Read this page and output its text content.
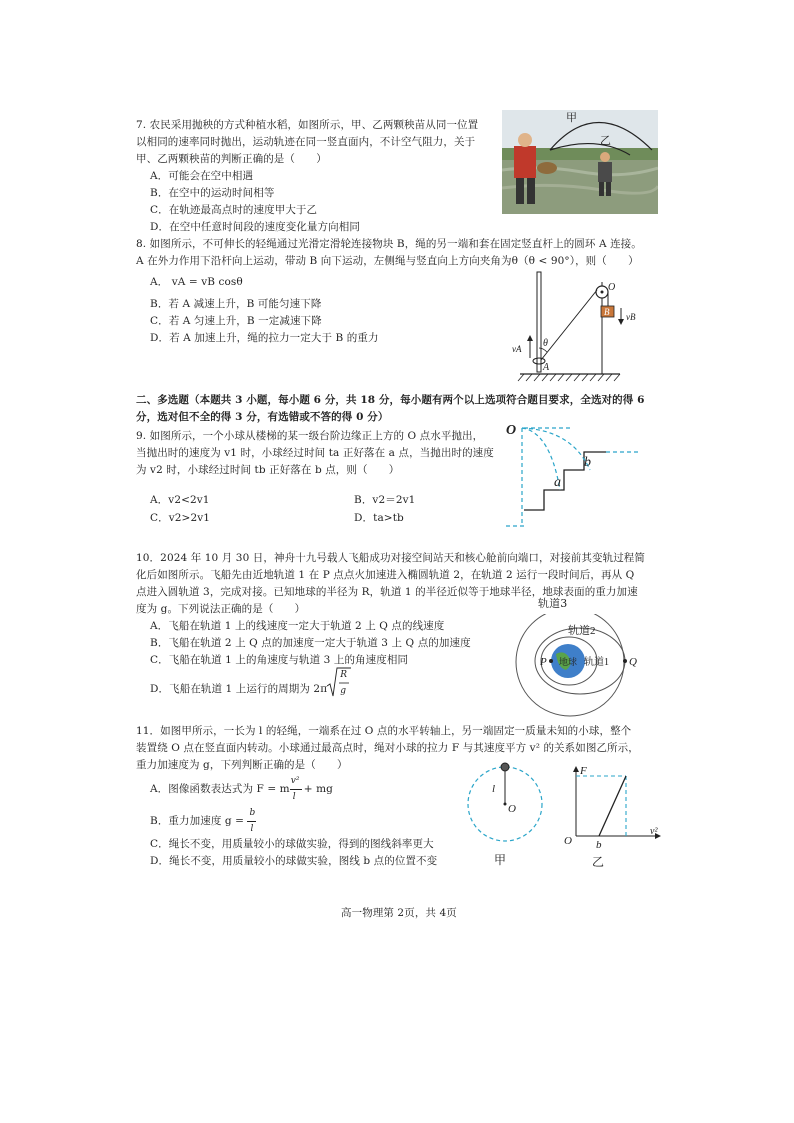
7. 农民采用抛秧的方式种植水稻，如图所示，甲、乙两颗秧苗从同一位置
以相同的速率同时抛出，运动轨迹在同一竖直面内，不计空气阻力，关于
甲、乙两颗秧苗的判断正确的是（　　）
A．可能会在空中相遇
B．在空中的运动时间相等
C．在轨迹最高点时的速度甲大于乙
D．在空中任意时间段的速度变化量方向相同
甲
乙
8. 如图所示，不可伸长的轻绳通过光滑定滑轮连接物块 B，绳的另一端和套在固定竖直杆上的圆环 A 连接。
A 在外力作用下沿杆向上运动，带动 B 向下运动，左侧绳与竖直向上方向夹角为θ（θ < 90°），则（　　）
A． vA = vB cosθ
B．若 A 减速上升，B 可能匀速下降
C．若 A 匀速上升，B 一定减速下降
D．若 A 加速上升，绳的拉力一定大于 B 的重力
B vB
vA θ
A
O
二、多选题（本题共 3 小题，每小题 6 分，共 18 分，每小题有两个以上选项符合题目要求，全选对的得 6
分，选对但不全的得 3 分，有选错或不答的得 0 分）
9. 如图所示，一个小球从楼梯的某一级台阶边缘正上方的 O 点水平抛出，
当抛出时的速度为 v1 时，小球经过时间 ta 正好落在 a 点，当抛出时的速度
为 v2 时，小球经过时间 tb 正好落在 b 点，则（　　）
A．v2<2v1	B．v2＝2v1
C．v2>2v1	D．ta>tb
O
a
b
10．2024 年 10 月 30 日，神舟十九号载人飞船成功对接空间站天和核心舱前向端口，对接前其变轨过程简
化后如图所示。飞船先由近地轨道 1 在 P 点点火加速进入椭圆轨道 2，在轨道 2 运行一段时间后，再从 Q
点进入圆轨道 3，完成对接。已知地球的半径为 R，轨道 1 的半径近似等于地球半径，地球表面的重力加速
度为 g。下列说法正确的是（　　）
A．飞船在轨道 1 上的线速度一定大于轨道 2 上 Q 点的线速度
B．飞船在轨道 2 上 Q 点的加速度一定大于轨道 3 上 Q 点的加速度
C．飞船在轨道 1 上的角速度与轨道 3 上的角速度相同
D．飞船在轨道 1 上运行的周期为 2π
R
g
地球 轨道1
轨道2
P	Q
轨道3
11．如图甲所示，一长为 l 的轻绳，一端系在过 O 点的水平转轴上，另一端固定一质量未知的小球，整个
装置绕 O 点在竖直面内转动。小球通过最高点时，绳对小球的拉力 F 与其速度平方 v² 的关系如图乙所示，
重力加速度为 g，下列判断正确的是（　　）
A．图像函数表达式为 F = m $\frac{\text{v²}}{l}$ + mg
B．重力加速度 $g = \frac{b}{l}$
C．绳长不变，用质量较小的球做实验，得到的图线斜率更大
D．绳长不变，用质量较小的球做实验，图线 b 点的位置不变
l
O
甲
F
O b
v²
乙
高一物理第 2页，共 4页
